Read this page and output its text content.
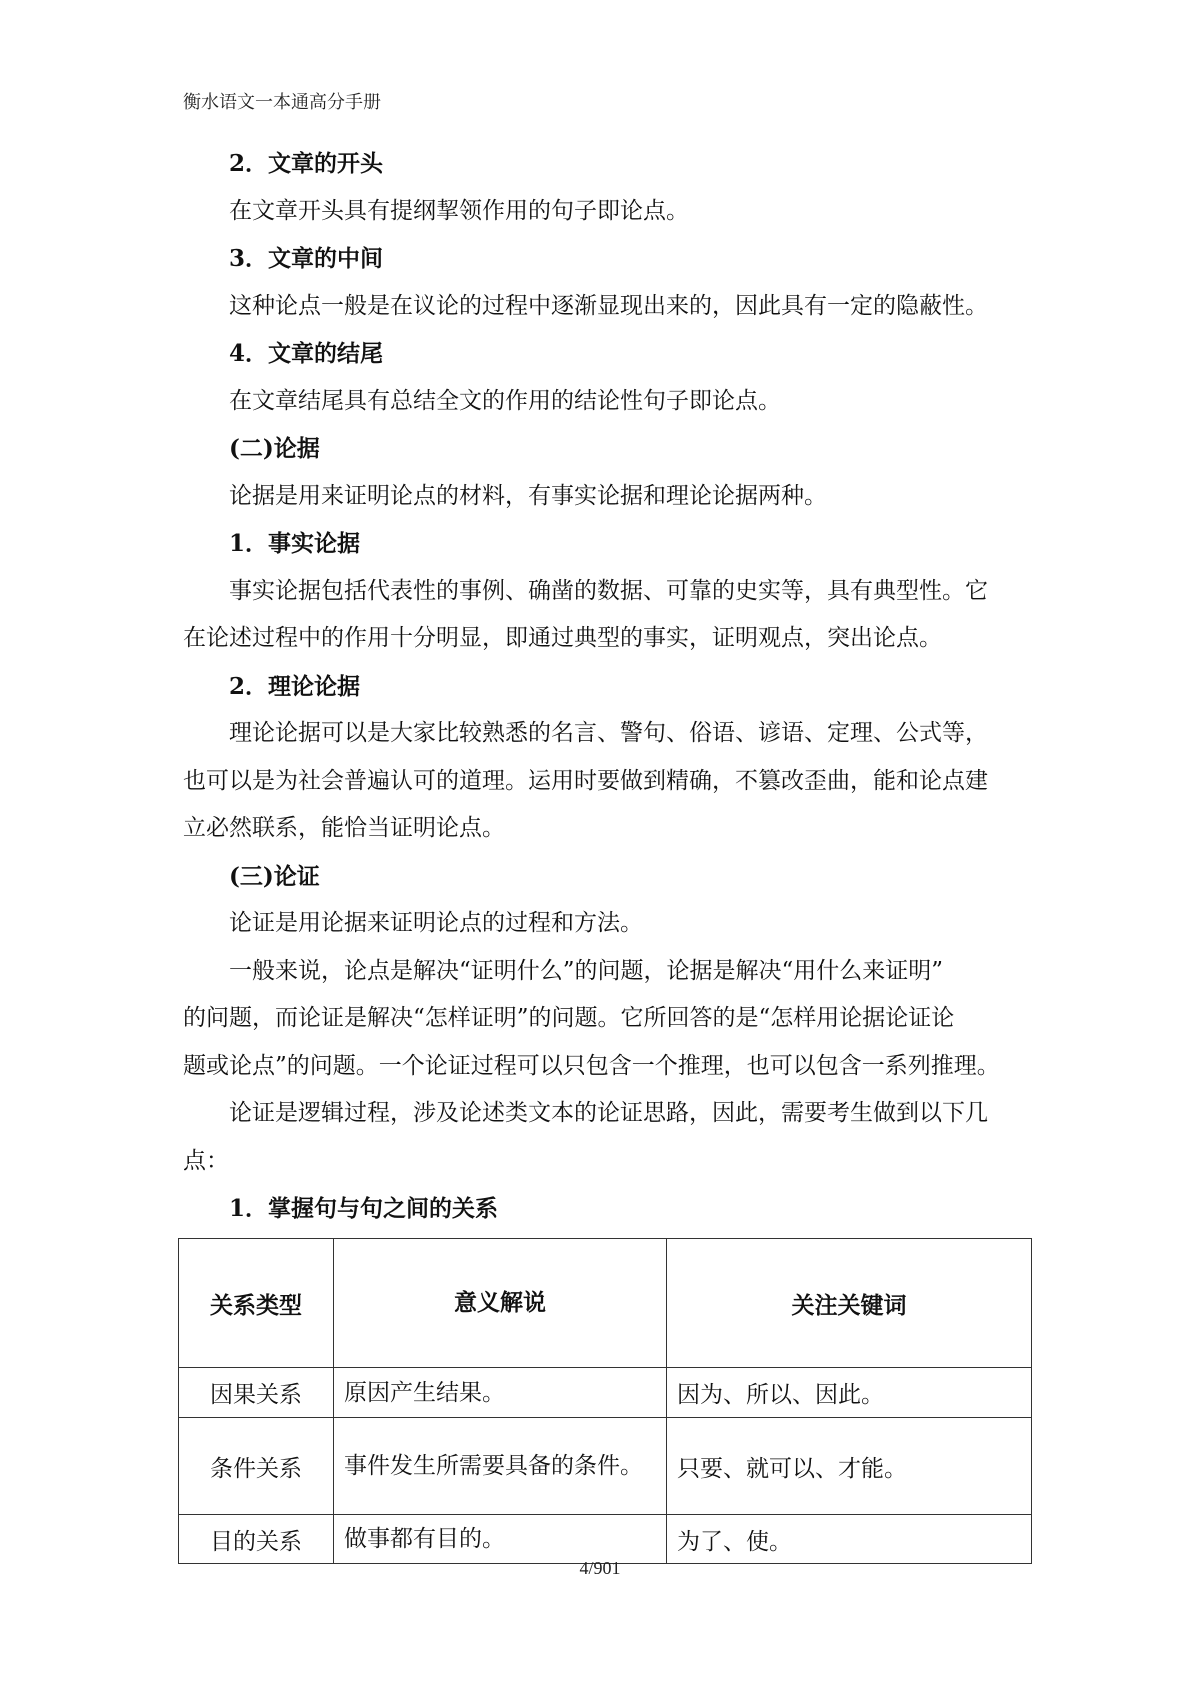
衡水语文一本通高分手册
2．文章的开头
在文章开头具有提纲挈领作用的句子即论点。
3．文章的中间
这种论点一般是在议论的过程中逐渐显现出来的，因此具有一定的隐蔽性。
4．文章的结尾
在文章结尾具有总结全文的作用的结论性句子即论点。
(二)论据
论据是用来证明论点的材料，有事实论据和理论论据两种。
1．事实论据
事实论据包括代表性的事例、确凿的数据、可靠的史实等，具有典型性。它
在论述过程中的作用十分明显，即通过典型的事实，证明观点，突出论点。
2．理论论据
理论论据可以是大家比较熟悉的名言、警句、俗语、谚语、定理、公式等，
也可以是为社会普遍认可的道理。运用时要做到精确，不篡改歪曲，能和论点建
立必然联系，能恰当证明论点。
(三)论证
论证是用论据来证明论点的过程和方法。
一般来说，论点是解决“证明什么”的问题，论据是解决“用什么来证明”
的问题，而论证是解决“怎样证明”的问题。它所回答的是“怎样用论据论证论
题或论点”的问题。一个论证过程可以只包含一个推理，也可以包含一系列推理。
论证是逻辑过程，涉及论述类文本的论证思路，因此，需要考生做到以下几
点：
1．掌握句与句之间的关系
关系类型	意义解说	关注关键词
因果关系	原因产生结果。	因为、所以、因此。
条件关系	事件发生所需要具备的条件。	只要、就可以、才能。
目的关系	做事都有目的。	为了、使。
4/901
